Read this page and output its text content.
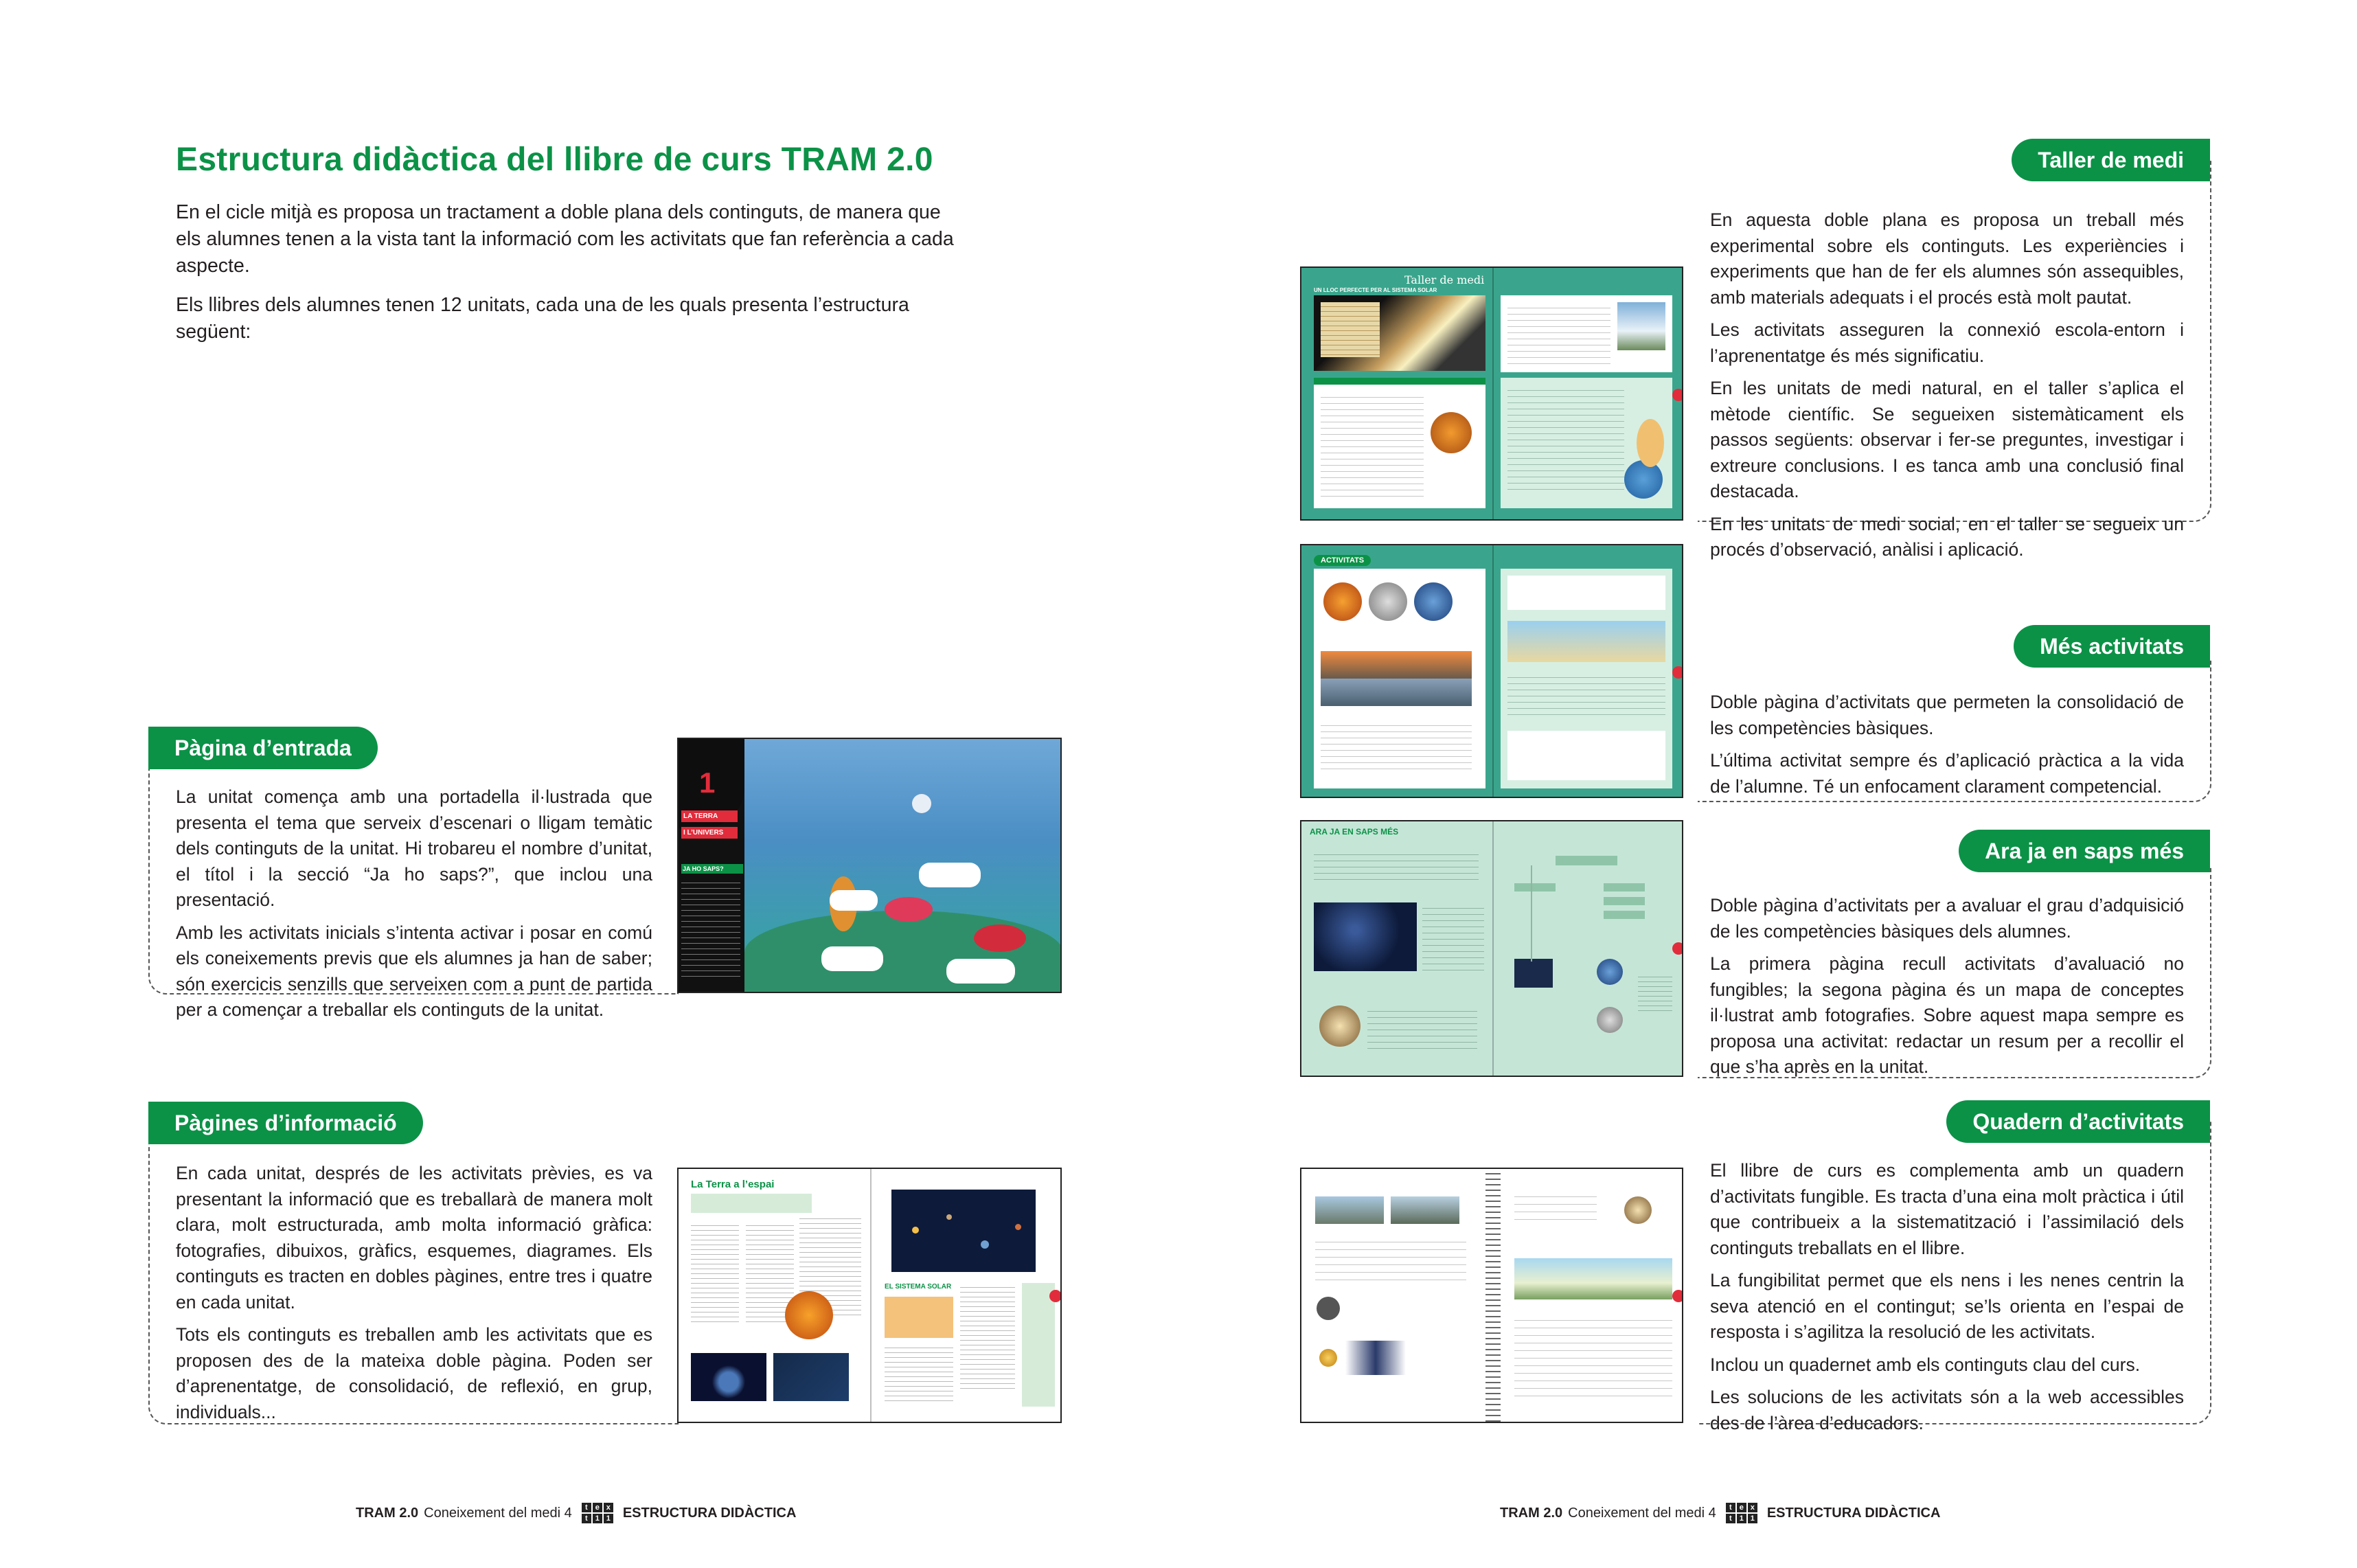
Estructura didàctica del llibre de curs TRAM 2.0

En el cicle mitjà es proposa un tractament a doble plana dels continguts, de manera que els alumnes tenen a la vista tant la informació com les activitats que fan referència a cada aspecte.

Els llibres dels alumnes tenen 12 unitats, cada una de les quals presenta l’estructura següent:

Pàgina d’entrada

La unitat comença amb una portadella il·lustrada que presenta el tema que serveix d’escenari o lligam temàtic dels continguts de la unitat. Hi trobareu el nombre d’unitat, el títol i la secció “Ja ho saps?”, que inclou una presentació.

Amb les activitats inicials s’intenta activar i posar en comú els coneixements previs que els alumnes ja han de saber; són exercicis senzills que serveixen com a punt de partida per a començar a treballar els continguts de la unitat.

1
LA TERRA
I L’UNIVERS
JA HO SAPS?
Pàgines d’informació

En cada unitat, després de les activitats prèvies, es va presentant la informació que es treballarà de manera molt clara, molt estructurada, amb molta informació gràfica: fotografies, dibuixos, gràfics, esquemes, diagrames. Els continguts es tracten en dobles pàgines, entre tres i quatre en cada unitat.

Tots els continguts es treballen amb les activitats que es proposen des de la mateixa doble pàgina. Poden ser d’aprenentatge, de consolidació, de reflexió, en grup, individuals...

La Terra a l’espai
EL SISTEMA SOLAR
Taller de medi

En aquesta doble plana es proposa un treball més experimental sobre els continguts. Les experiències i experiments que han de fer els alumnes són assequibles, amb materials adequats i el procés està molt pautat.

Les activitats asseguren la connexió escola-entorn i l’aprenentatge és més significatiu.

En les unitats de medi natural, en el taller s’aplica el mètode científic. Se segueixen sistemàticament els passos següents: observar i fer-se preguntes, investigar i extreure conclusions. I es tanca amb una conclusió final destacada.

En les unitats de medi social, en el taller se segueix un procés d’observació, anàlisi i aplicació.

Taller de medi
UN LLOC PERFECTE PER AL SISTEMA SOLAR
Més activitats

Doble pàgina d’activitats que permeten la consolidació de les competències bàsiques.

L’última activitat sempre és d’aplicació pràctica a la vida de l’alumne. Té un enfocament clarament competencial.

ACTIVITATS
Ara ja en saps més

Doble pàgina d’activitats per a avaluar el grau d’adquisició de les competències bàsiques dels alumnes.

La primera pàgina recull activitats d’avaluació no fungibles; la segona pàgina és un mapa de conceptes il·lustrat amb fotografies. Sobre aquest mapa sempre es proposa una activitat: redactar un resum per a recollir el que s’ha après en la unitat.

ARA JA EN SAPS MÉS
Quadern d’activitats

El llibre de curs es complementa amb un quadern d’activitats fungible. Es tracta d’una eina molt pràctica i útil que contribueix a la sistematització i l’assimilació dels continguts treballats en el llibre.

La fungibilitat permet que els nens i les nenes centrin la seva atenció en el contingut; se’ls orienta en l’espai de resposta i s’agilitza la resolució de les activitats.

Inclou un quadernet amb els continguts clau del curs.

Les solucions de les activitats són a la web accessibles des de l’àrea d’educadors.

TRAM 2.0 Coneixement del medi 4	t	e x
t	1 1 ESTRUCTURA DIDÀCTICA	TRAM 2.0 Coneixement del medi 4	t	e x
t	1 1 ESTRUCTURA DIDÀCTICA
